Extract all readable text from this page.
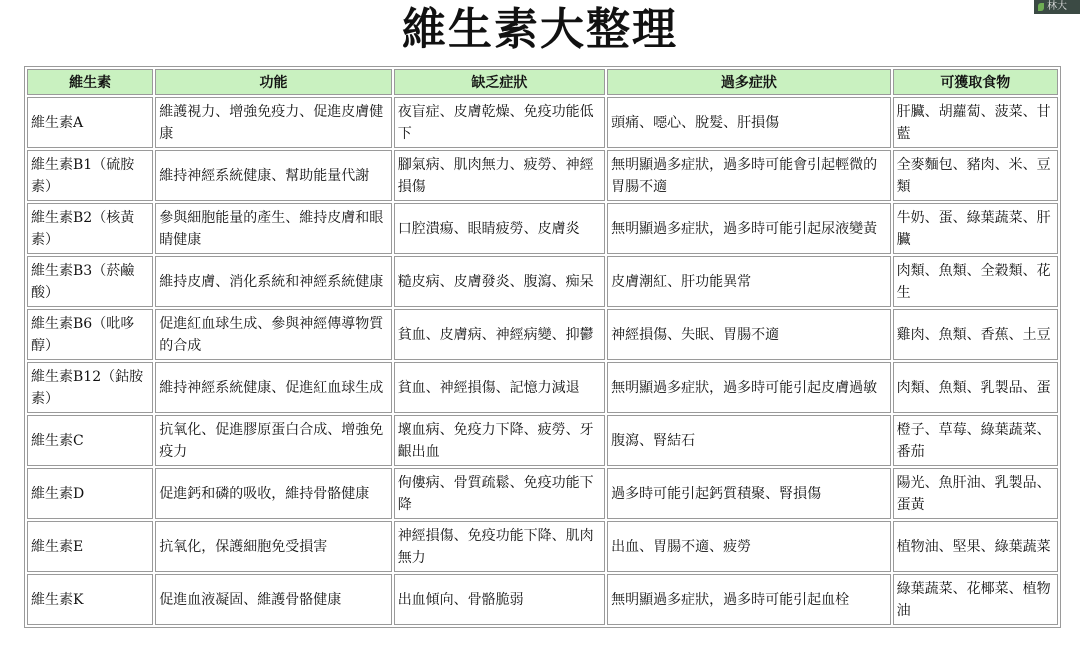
維生素大整理	林大
維生素	功能	缺乏症狀	過多症狀	可獲取食物
維生素A	維護視力、增強免疫力、促進皮膚健康	夜盲症、皮膚乾燥、免疫功能低下	頭痛、噁心、脫髮、肝損傷	肝臟、胡蘿蔔、菠菜、甘藍
維生素B1（硫胺素）	維持神經系統健康、幫助能量代謝	腳氣病、肌肉無力、疲勞、神經損傷	無明顯過多症狀，過多時可能會引起輕微的胃腸不適	全麥麵包、豬肉、米、豆類
維生素B2（核黃素）	參與細胞能量的產生、維持皮膚和眼睛健康	口腔潰瘍、眼睛疲勞、皮膚炎	無明顯過多症狀，過多時可能引起尿液變黃	牛奶、蛋、綠葉蔬菜、肝臟
維生素B3（菸鹼酸）	維持皮膚、消化系統和神經系統健康	糙皮病、皮膚發炎、腹瀉、痴呆	皮膚潮紅、肝功能異常	肉類、魚類、全穀類、花生
維生素B6（吡哆醇）	促進紅血球生成、參與神經傳導物質的合成	貧血、皮膚病、神經病變、抑鬱	神經損傷、失眠、胃腸不適	雞肉、魚類、香蕉、土豆
維生素B12（鈷胺素）	維持神經系統健康、促進紅血球生成	貧血、神經損傷、記憶力減退	無明顯過多症狀，過多時可能引起皮膚過敏	肉類、魚類、乳製品、蛋
維生素C	抗氧化、促進膠原蛋白合成、增強免疫力	壞血病、免疫力下降、疲勞、牙齦出血	腹瀉、腎結石	橙子、草莓、綠葉蔬菜、番茄
維生素D	促進鈣和磷的吸收，維持骨骼健康	佝僂病、骨質疏鬆、免疫功能下降	過多時可能引起鈣質積聚、腎損傷	陽光、魚肝油、乳製品、蛋黃
維生素E	抗氧化，保護細胞免受損害	神經損傷、免疫功能下降、肌肉無力	出血、胃腸不適、疲勞	植物油、堅果、綠葉蔬菜
維生素K	促進血液凝固、維護骨骼健康	出血傾向、骨骼脆弱	無明顯過多症狀，過多時可能引起血栓	綠葉蔬菜、花椰菜、植物油
